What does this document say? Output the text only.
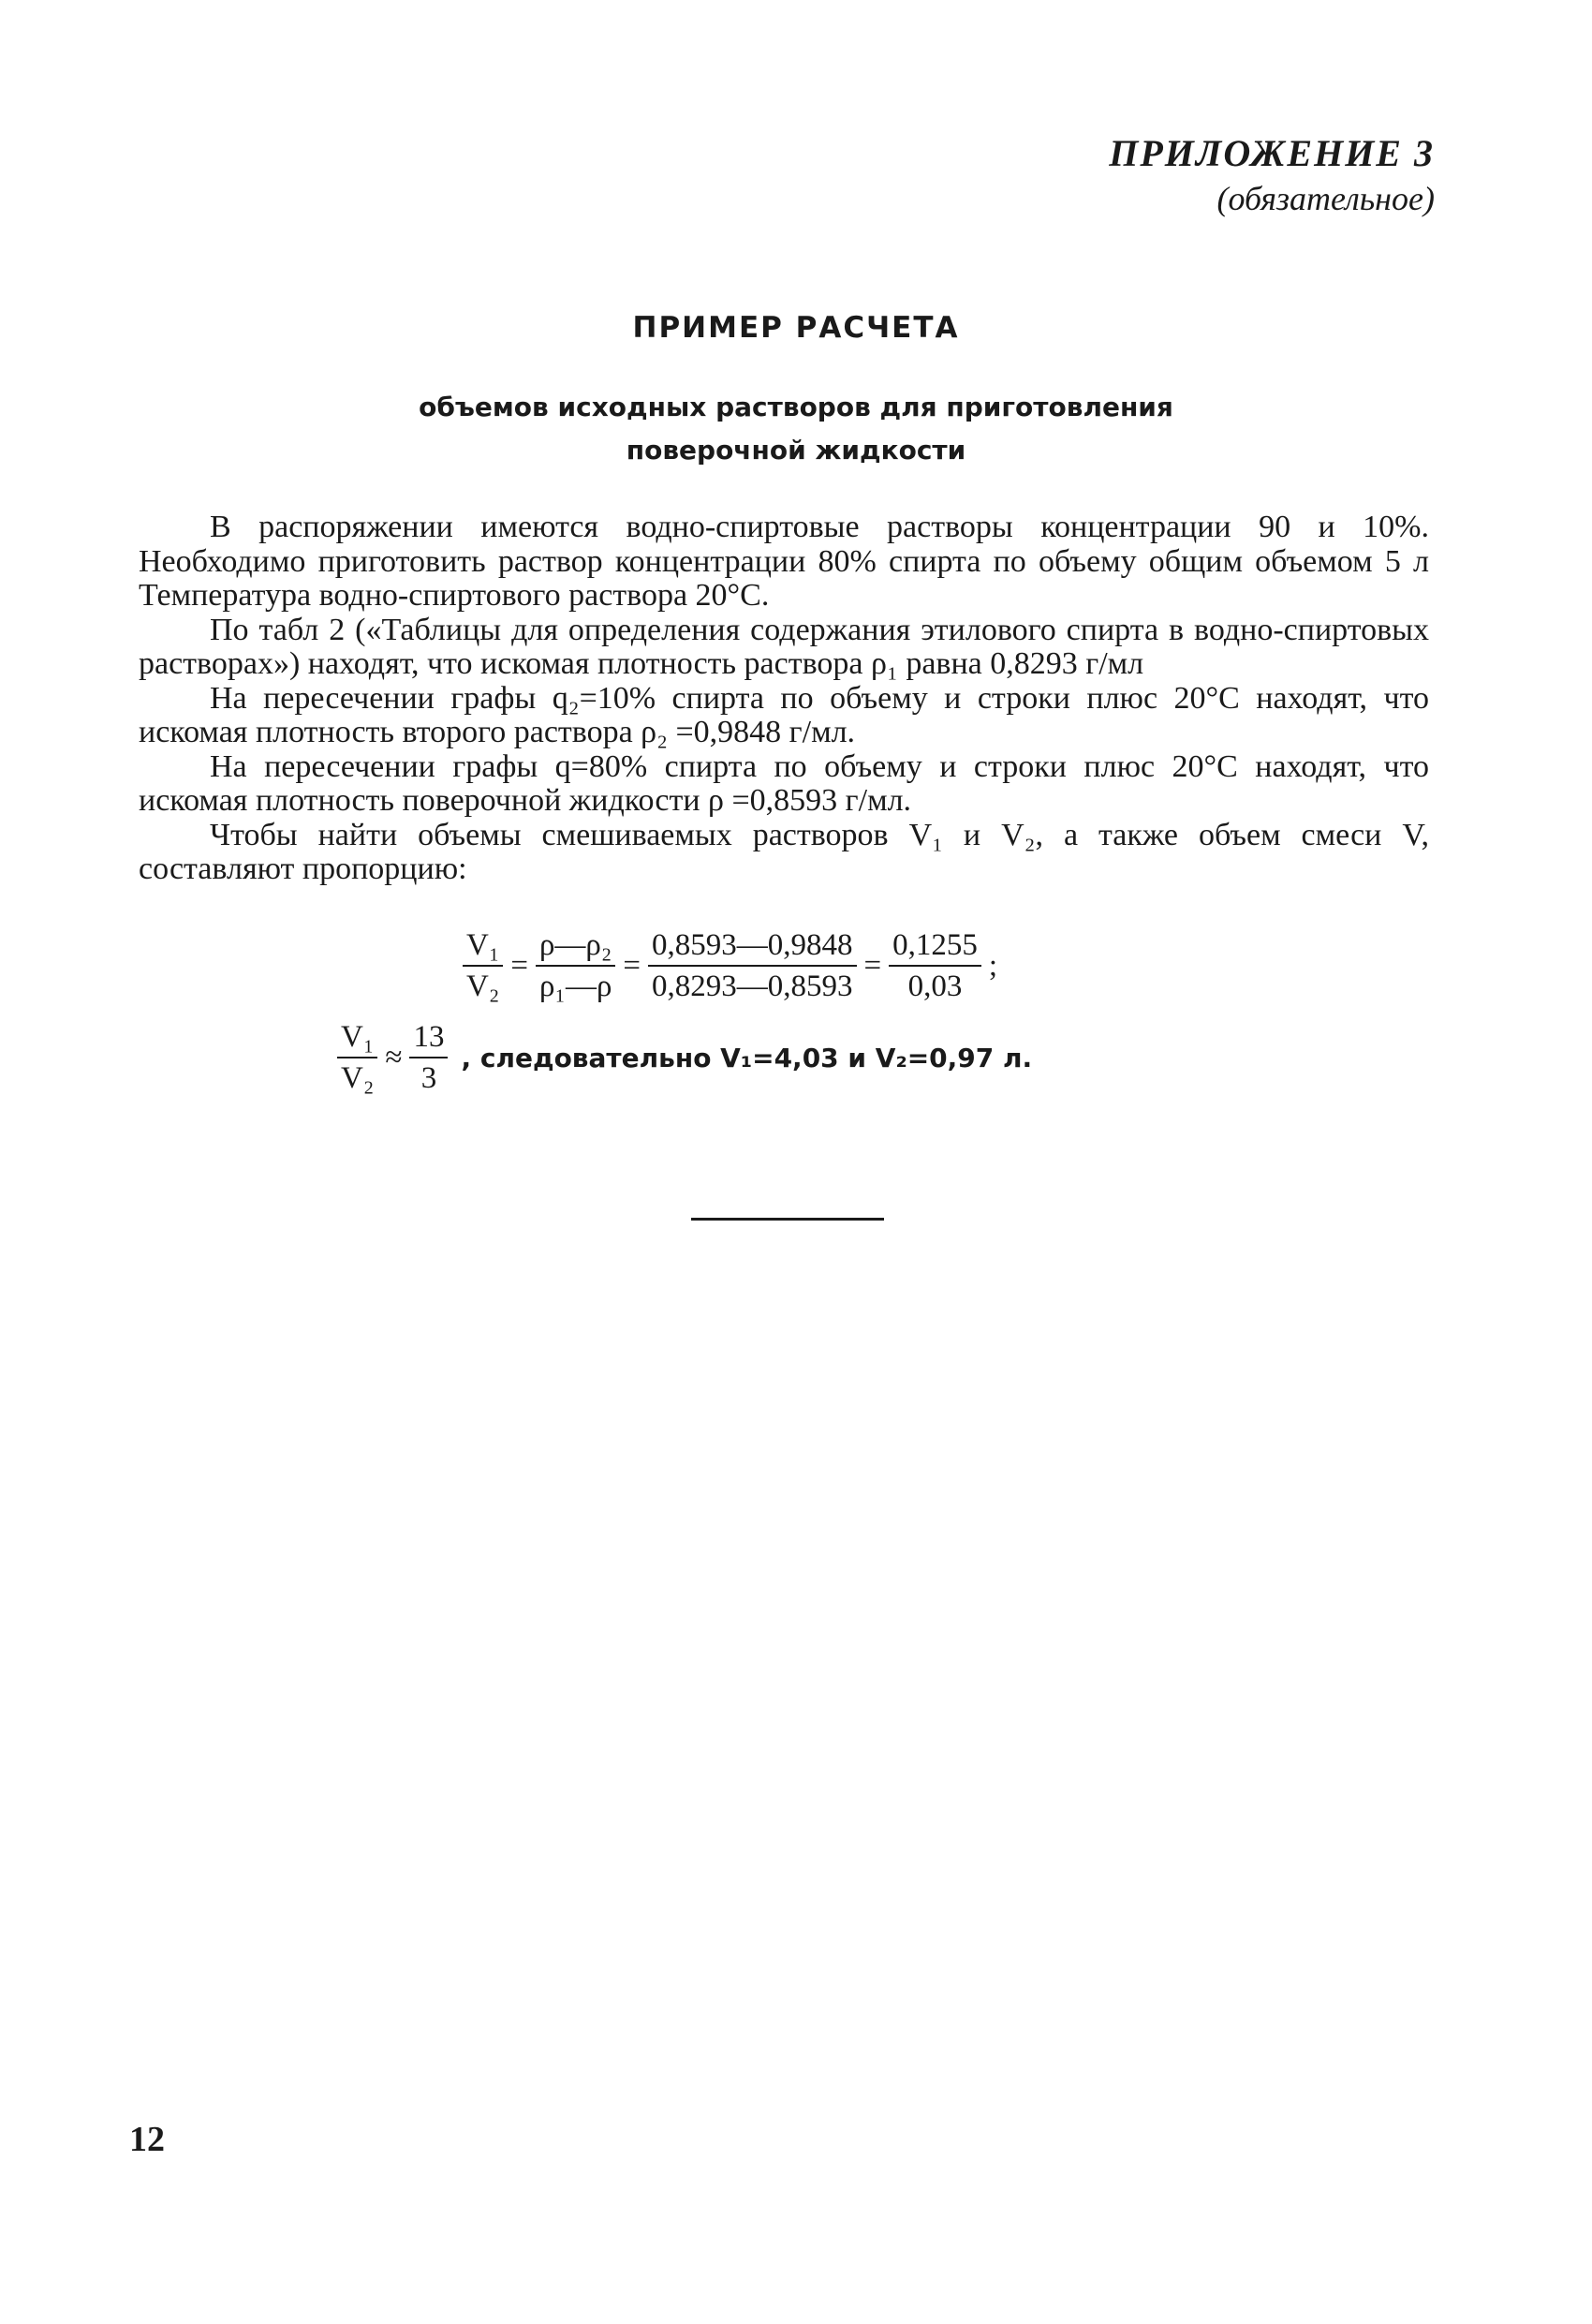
ПРИЛОЖЕНИЕ 3
(обязательное)
ПРИМЕР РАСЧЕТА
объемов исходных растворов для приготовления
поверочной жидкости

В распоряжении имеются водно-спиртовые растворы концентрации 90 и 10%. Необходимо приготовить раствор концентрации 80% спирта по объему общим объемом 5 л Температура водно-спиртового раствора 20°С.

По табл 2 («Таблицы для определения содержания этилового спирта в водно-спиртовых растворах») находят, что искомая плотность раствора ρ₁ равна 0,8293 г/мл

На пересечении графы q₂=10% спирта по объему и строки плюс 20°С находят, что искомая плотность второго раствора ρ₂ =0,9848 г/мл.

На пересечении графы q=80% спирта по объему и строки плюс 20°С находят, что искомая плотность поверочной жидкости ρ =0,8593 г/мл.

Чтобы найти объемы смешиваемых растворов V₁ и V₂, а также объем смеси V, составляют пропорцию:

$\frac{\text{V₁}}{\text{V₂}} = \frac{\text{ρ—ρ₂}}{\text{ρ₁—ρ}} = \frac{0,8593—0,9848}{0,8293—0,8593} = \frac{0,1255}{0,03}$ ;
$\frac{\text{V₁}}{\text{V₂}} \approx \frac{13}{3}$ , следовательно V₁=4,03 и V₂=0,97 л.
12
